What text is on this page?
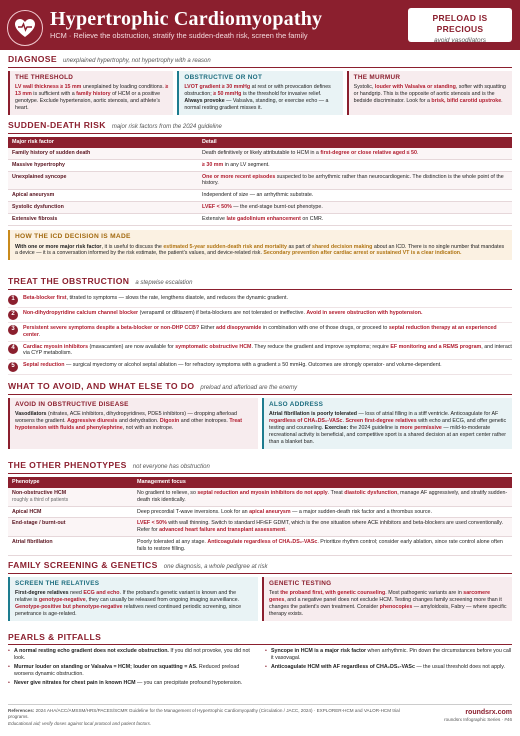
Hypertrophic Cardiomyopathy
HCM · Relieve the obstruction, stratify the sudden-death risk, screen the family
PRELOAD IS PRECIOUS
avoid vasodilators
DIAGNOSE unexplained hypertrophy, not hypertrophy with a reason
THE THRESHOLD
LV wall thickness ≥ 15 mm unexplained by loading conditions. ≥ 13 mm is sufficient with a family history of HCM or a positive genotype. Exclude hypertension, aortic stenosis, and athlete’s heart.
OBSTRUCTIVE OR NOT
LVOT gradient ≥ 30 mmHg at rest or with provocation defines obstruction; ≥ 50 mmHg is the threshold for invasive relief. Always provoke — Valsalva, standing, or exercise echo — a normal resting gradient misses it.
THE MURMUR
Systolic, louder with Valsalva or standing, softer with squatting or handgrip. This is the opposite of aortic stenosis and is the bedside discriminator. Look for a brisk, bifid carotid upstroke.
SUDDEN-DEATH RISK major risk factors from the 2024 guideline
Major risk factor	Detail
Family history of sudden death	Death definitively or likely attributable to HCM in a first-degree or close relative aged ≤ 50.
Massive hypertrophy	≥ 30 mm in any LV segment.
Unexplained syncope	One or more recent episodes suspected to be arrhythmic rather than neurocardiogenic. The distinction is the whole point of the history.
Apical aneurysm	Independent of size — an arrhythmic substrate.
Systolic dysfunction	LVEF < 50% — the end-stage burnt-out phenotype.
Extensive fibrosis	Extensive late gadolinium enhancement on CMR.
HOW THE ICD DECISION IS MADE
With one or more major risk factor, it is useful to discuss the estimated 5-year sudden-death risk and mortality as part of shared decision making about an ICD. There is no single number that mandates a device — it is a conversation informed by the risk estimate, the patient’s values, and device-related risk. Secondary prevention after cardiac arrest or sustained VT is a clear indication.
TREAT THE OBSTRUCTION a stepwise escalation
1	Beta-blocker first, titrated to symptoms — slows the rate, lengthens diastole, and reduces the dynamic gradient.
2	Non-dihydropyridine calcium channel blocker (verapamil or diltiazem) if beta-blockers are not tolerated or ineffective. Avoid in severe obstruction with hypotension.
3	Persistent severe symptoms despite a beta-blocker or non-DHP CCB? Either add disopyramide in combination with one of those drugs, or proceed to septal reduction therapy at an experienced center.
4	Cardiac myosin inhibitors (mavacamten) are now available for symptomatic obstructive HCM. They reduce the gradient and improve symptoms; require EF monitoring and a REMS program, and interact via CYP metabolism.
5	Septal reduction — surgical myectomy or alcohol septal ablation — for refractory symptoms with a gradient ≥ 50 mmHg. Outcomes are strongly operator- and volume-dependent.
WHAT TO AVOID, AND WHAT ELSE TO DO preload and afterload are the enemy
AVOID IN OBSTRUCTIVE DISEASE
Vasodilators (nitrates, ACE inhibitors, dihydropyridines, PDE5 inhibitors) — dropping afterload worsens the gradient. Aggressive diuresis and dehydration. Digoxin and other inotropes. Treat hypotension with fluids and phenylephrine, not with an inotrope.
ALSO ADDRESS
Atrial fibrillation is poorly tolerated — loss of atrial filling in a stiff ventricle. Anticoagulate for AF regardless of CHA₂DS₂-VASc. Screen first-degree relatives with echo and ECG, and offer genetic testing and counseling. Exercise: the 2024 guideline is more permissive — mild-to-moderate recreational activity is beneficial, and competitive sport is a shared decision at an expert center rather than a blanket ban.
THE OTHER PHENOTYPES not everyone has obstruction
Phenotype	Management focus

Non-obstructive HCM
roughly a third of patients	No gradient to relieve, so septal reduction and myosin inhibitors do not apply. Treat diastolic dysfunction, manage AF aggressively, and stratify sudden-death risk identically.

Apical HCM	Deep precordial T-wave inversions. Look for an apical aneurysm — a major sudden-death risk factor and a thrombus source.

End-stage / burnt-out	LVEF < 50% with wall thinning. Switch to standard HFrEF GDMT, which is the one situation where ACE inhibitors and beta-blockers are used conventionally. Refer for advanced heart failure and transplant assessment.

Atrial fibrillation	Poorly tolerated at any stage. Anticoagulate regardless of CHA₂DS₂-VASc. Prioritize rhythm control; consider early ablation, since rate control alone often fails to restore filling.
FAMILY SCREENING & GENETICS one diagnosis, a whole pedigree at risk
SCREEN THE RELATIVES
First-degree relatives need ECG and echo. If the proband’s genetic variant is known and the relative is genotype-negative, they can usually be released from ongoing imaging surveillance. Genotype-positive but phenotype-negative relatives need continued periodic screening, since penetrance is age-related.
GENETIC TESTING
Test the proband first, with genetic counseling. Most pathogenic variants are in sarcomere genes, and a negative panel does not exclude HCM. Testing changes family screening more than it changes the patient’s own treatment. Consider phenocopies — amyloidosis, Fabry — where specific therapy exists.
PEARLS & PITFALLS
• A normal resting echo gradient does not exclude obstruction. If you did not provoke, you did not look.
• Murmur louder on standing or Valsalva = HCM; louder on squatting = AS. Reduced preload worsens dynamic obstruction.
• Never give nitrates for chest pain in known HCM — you can precipitate profound hypotension.
• Syncope in HCM is a major risk factor when arrhythmic. Pin down the circumstances before you call it vasovagal.
• Anticoagulate HCM with AF regardless of CHA₂DS₂-VASc — the usual threshold does not apply.
References: 2024 AHA/ACC/AMSSM/HRS/PACES/SCMR Guideline for the Management of Hypertrophic Cardiomyopathy (Circulation / JACC, 2024) · EXPLORER-HCM and VALOR-HCM trial programs.
Educational aid; verify doses against local protocol and patient factors.
roundsrx.com
roundsrx Infographic Series · #46
